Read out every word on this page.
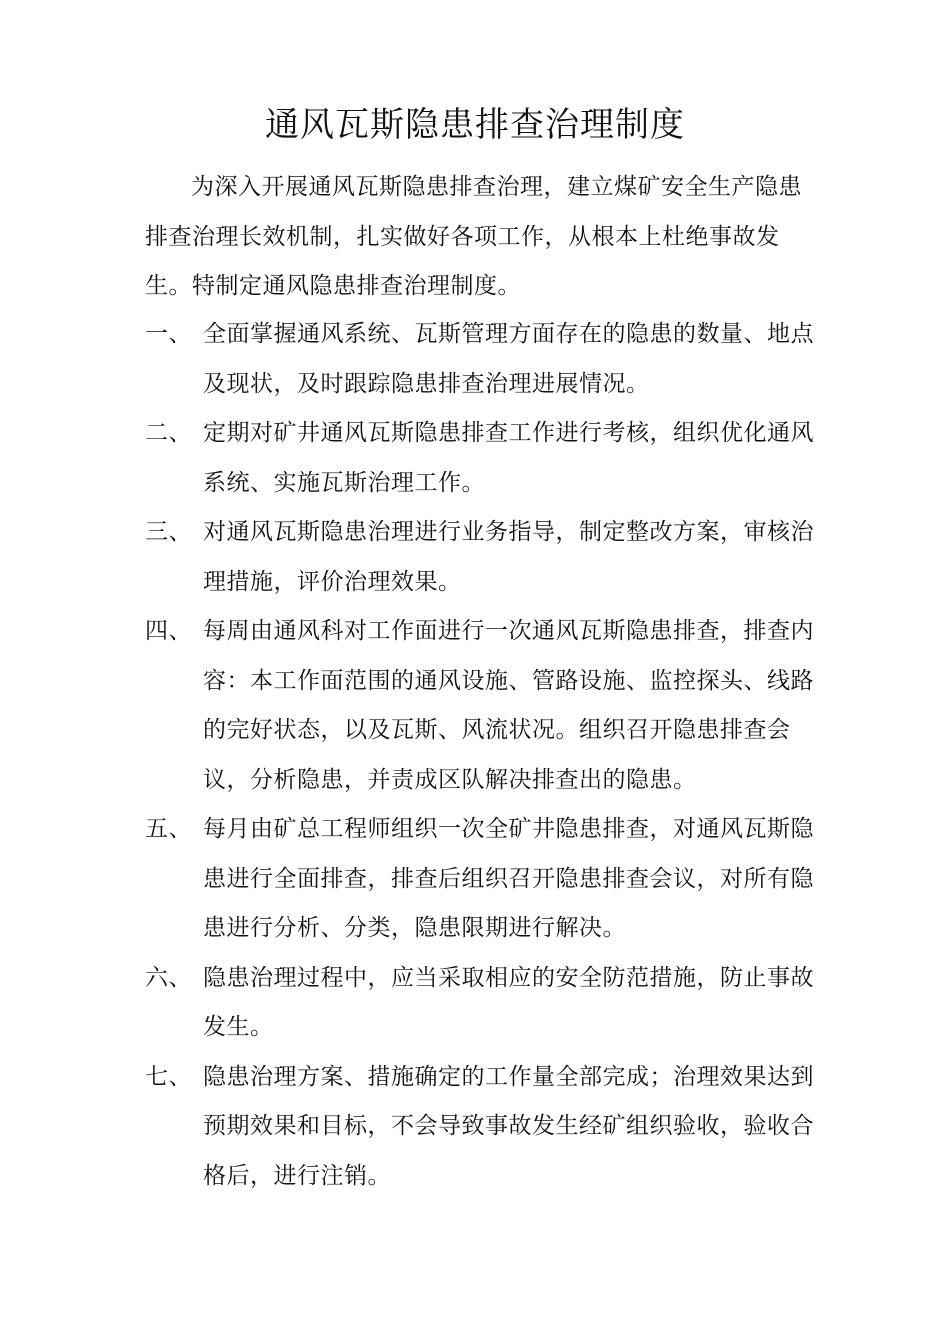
通风瓦斯隐患排查治理制度

为深入开展通风瓦斯隐患排查治理，建立煤矿安全生产隐患排查治理长效机制，扎实做好各项工作，从根本上杜绝事故发生。特制定通风隐患排查治理制度。

一、 全面掌握通风系统、瓦斯管理方面存在的隐患的数量、地点及现状，及时跟踪隐患排查治理进展情况。
二、 定期对矿井通风瓦斯隐患排查工作进行考核，组织优化通风系统、实施瓦斯治理工作。
三、 对通风瓦斯隐患治理进行业务指导，制定整改方案，审核治理措施，评价治理效果。
四、 每周由通风科对工作面进行一次通风瓦斯隐患排查，排查内容：本工作面范围的通风设施、管路设施、监控探头、线路的完好状态，以及瓦斯、风流状况。组织召开隐患排查会议，分析隐患，并责成区队解决排查出的隐患。
五、 每月由矿总工程师组织一次全矿井隐患排查，对通风瓦斯隐患进行全面排查，排查后组织召开隐患排查会议，对所有隐患进行分析、分类，隐患限期进行解决。
六、 隐患治理过程中，应当采取相应的安全防范措施，防止事故发生。
七、 隐患治理方案、措施确定的工作量全部完成；治理效果达到预期效果和目标，不会导致事故发生经矿组织验收，验收合格后，进行注销。
